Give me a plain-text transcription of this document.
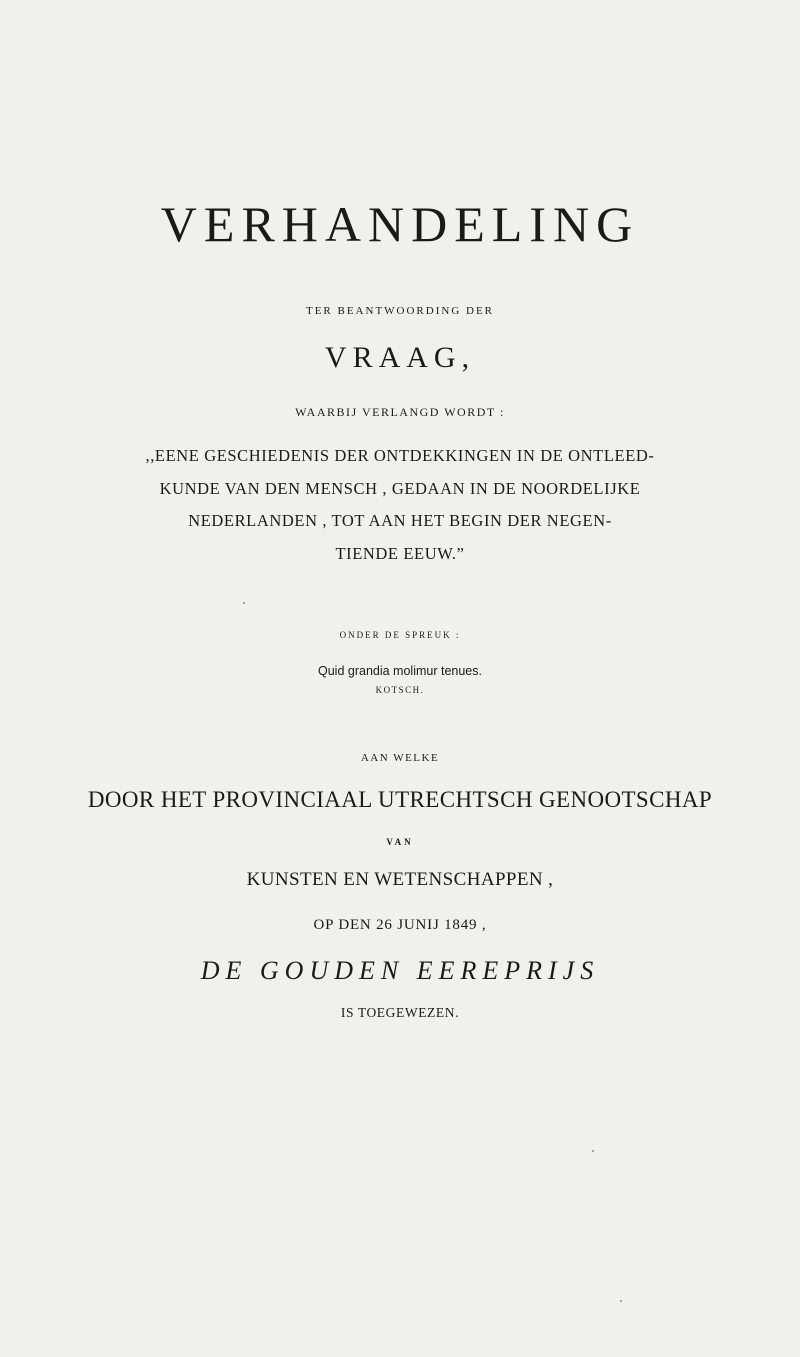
VERHANDELING
TER BEANTWOORDING DER
VRAAG,
WAARBIJ VERLANGD WORDT :
,,EENE GESCHIEDENIS DER ONTDEKKINGEN IN DE ONTLEED-
KUNDE VAN DEN MENSCH , GEDAAN IN DE NOORDELIJKE
NEDERLANDEN , TOT AAN HET BEGIN DER NEGEN-
TIENDE EEUW.”
ONDER DE SPREUK :
Quid grandia molimur tenues.
KOTSCH.
AAN WELKE
DOOR HET PROVINCIAAL UTRECHTSCH GENOOTSCHAP
VAN
KUNSTEN EN WETENSCHAPPEN ,
OP DEN 26 JUNIJ 1849 ,
DE GOUDEN EEREPRIJS
IS TOEGEWEZEN.
